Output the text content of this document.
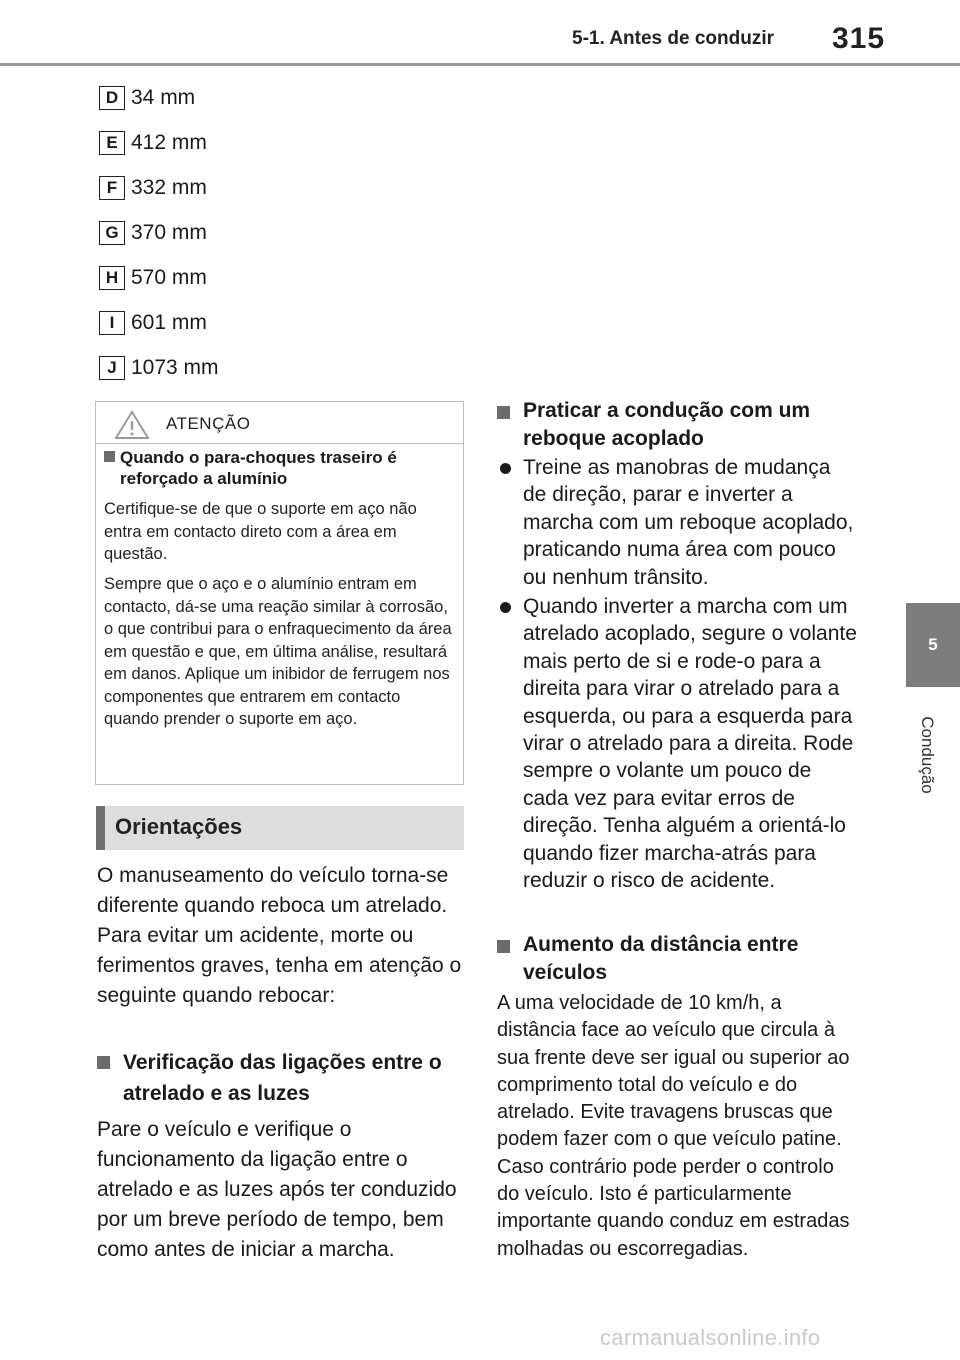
5-1. Antes de conduzir 315
5
Condução
D 34 mm
E 412 mm
F 332 mm
G 370 mm
H 570 mm
I 601 mm
J 1073 mm
ATENÇÃO
Quando o para-choques traseiro é reforçado a alumínio
Certifique-se de que o suporte em aço não entra em contacto direto com a área em questão.
Sempre que o aço e o alumínio entram em contacto, dá-se uma reação similar à corrosão, o que contribui para o enfraquecimento da área em questão e que, em última análise, resultará em danos. Aplique um inibidor de ferrugem nos componentes que entrarem em contacto quando prender o suporte em aço.
Orientações
O manuseamento do veículo torna-se diferente quando reboca um atrelado. Para evitar um acidente, morte ou ferimentos graves, tenha em atenção o seguinte quando rebocar:
Verificação das ligações entre o atrelado e as luzes
Pare o veículo e verifique o funcionamento da ligação entre o atrelado e as luzes após ter conduzido por um breve período de tempo, bem como antes de iniciar a marcha.
Praticar a condução com um reboque acoplado
Treine as manobras de mudança de direção, parar e inverter a marcha com um reboque acoplado, praticando numa área com pouco ou nenhum trânsito.
Quando inverter a marcha com um atrelado acoplado, segure o volante mais perto de si e rode-o para a direita para virar o atrelado para a esquerda, ou para a esquerda para virar o atrelado para a direita. Rode sempre o volante um pouco de cada vez para evitar erros de direção. Tenha alguém a orientá-lo quando fizer marcha-atrás para reduzir o risco de acidente.
Aumento da distância entre veículos
A uma velocidade de 10 km/h, a distância face ao veículo que circula à sua frente deve ser igual ou superior ao comprimento total do veículo e do atrelado. Evite travagens bruscas que podem fazer com o que veículo patine. Caso contrário pode perder o controlo do veículo. Isto é particularmente importante quando conduz em estradas molhadas ou escorregadias.
carmanualsonline.info
